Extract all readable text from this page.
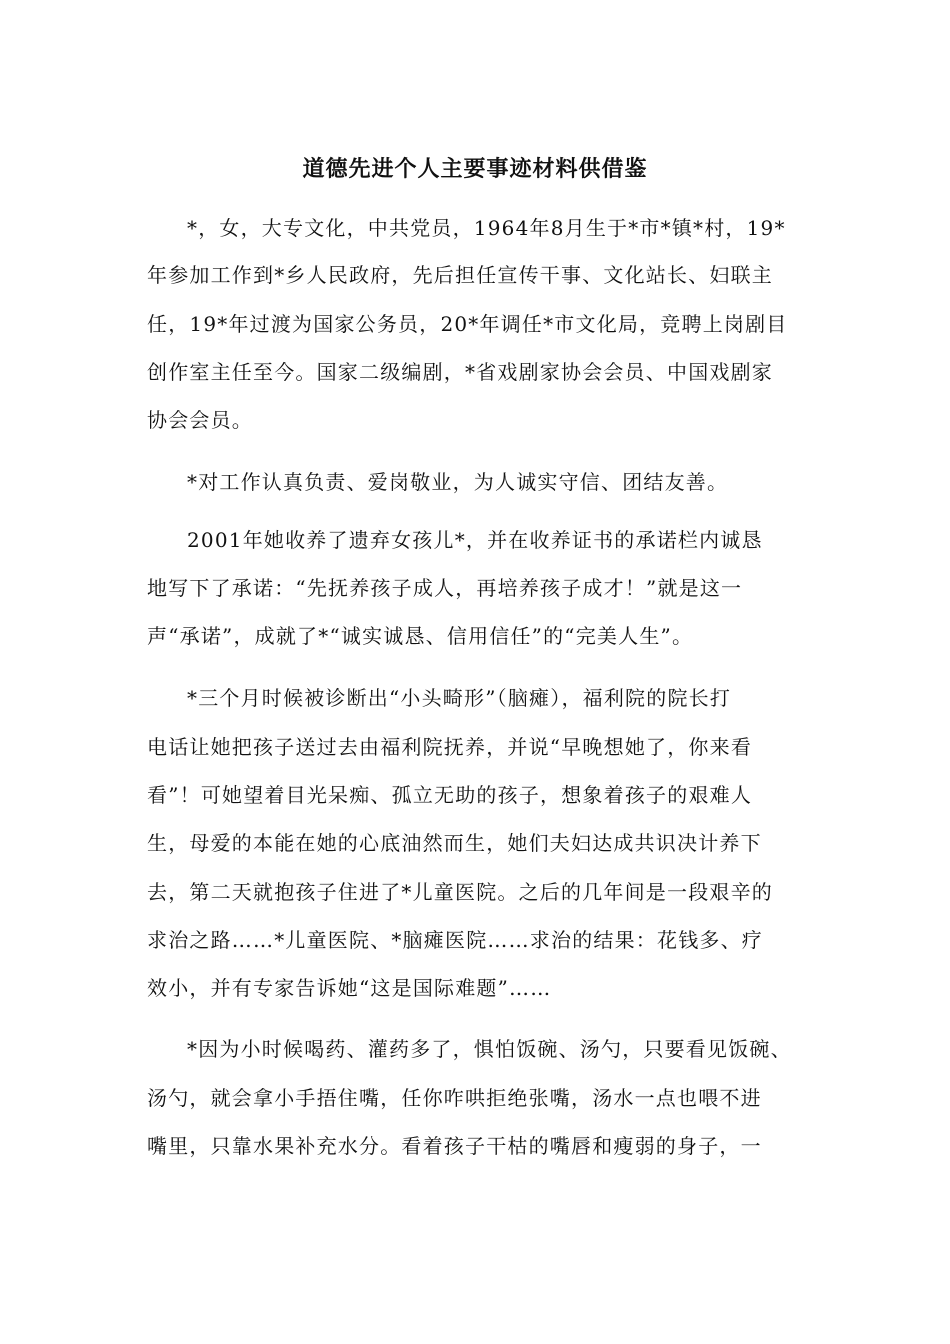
道德先进个人主要事迹材料供借鉴
*，女，大专文化，中共党员，1964年8月生于*市*镇*村，19*
年参加工作到*乡人民政府，先后担任宣传干事、文化站长、妇联主
任，19*年过渡为国家公务员，20*年调任*市文化局，竞聘上岗剧目
创作室主任至今。国家二级编剧，*省戏剧家协会会员、中国戏剧家
协会会员。
*对工作认真负责、爱岗敬业，为人诚实守信、团结友善。
2001年她收养了遗弃女孩儿*，并在收养证书的承诺栏内诚恳
地写下了承诺：“先抚养孩子成人，再培养孩子成才！”就是这一
声“承诺”，成就了*“诚实诚恳、信用信任”的“完美人生”。
*三个月时候被诊断出“小头畸形”（脑瘫），福利院的院长打
电话让她把孩子送过去由福利院抚养，并说“早晚想她了，你来看
看”！可她望着目光呆痴、孤立无助的孩子，想象着孩子的艰难人
生，母爱的本能在她的心底油然而生，她们夫妇达成共识决计养下
去，第二天就抱孩子住进了*儿童医院。之后的几年间是一段艰辛的
求治之路……*儿童医院、*脑瘫医院……求治的结果：花钱多、疗
效小，并有专家告诉她“这是国际难题”……
*因为小时候喝药、灌药多了，惧怕饭碗、汤勺，只要看见饭碗、
汤勺，就会拿小手捂住嘴，任你咋哄拒绝张嘴，汤水一点也喂不进
嘴里，只靠水果补充水分。看着孩子干枯的嘴唇和瘦弱的身子，一
